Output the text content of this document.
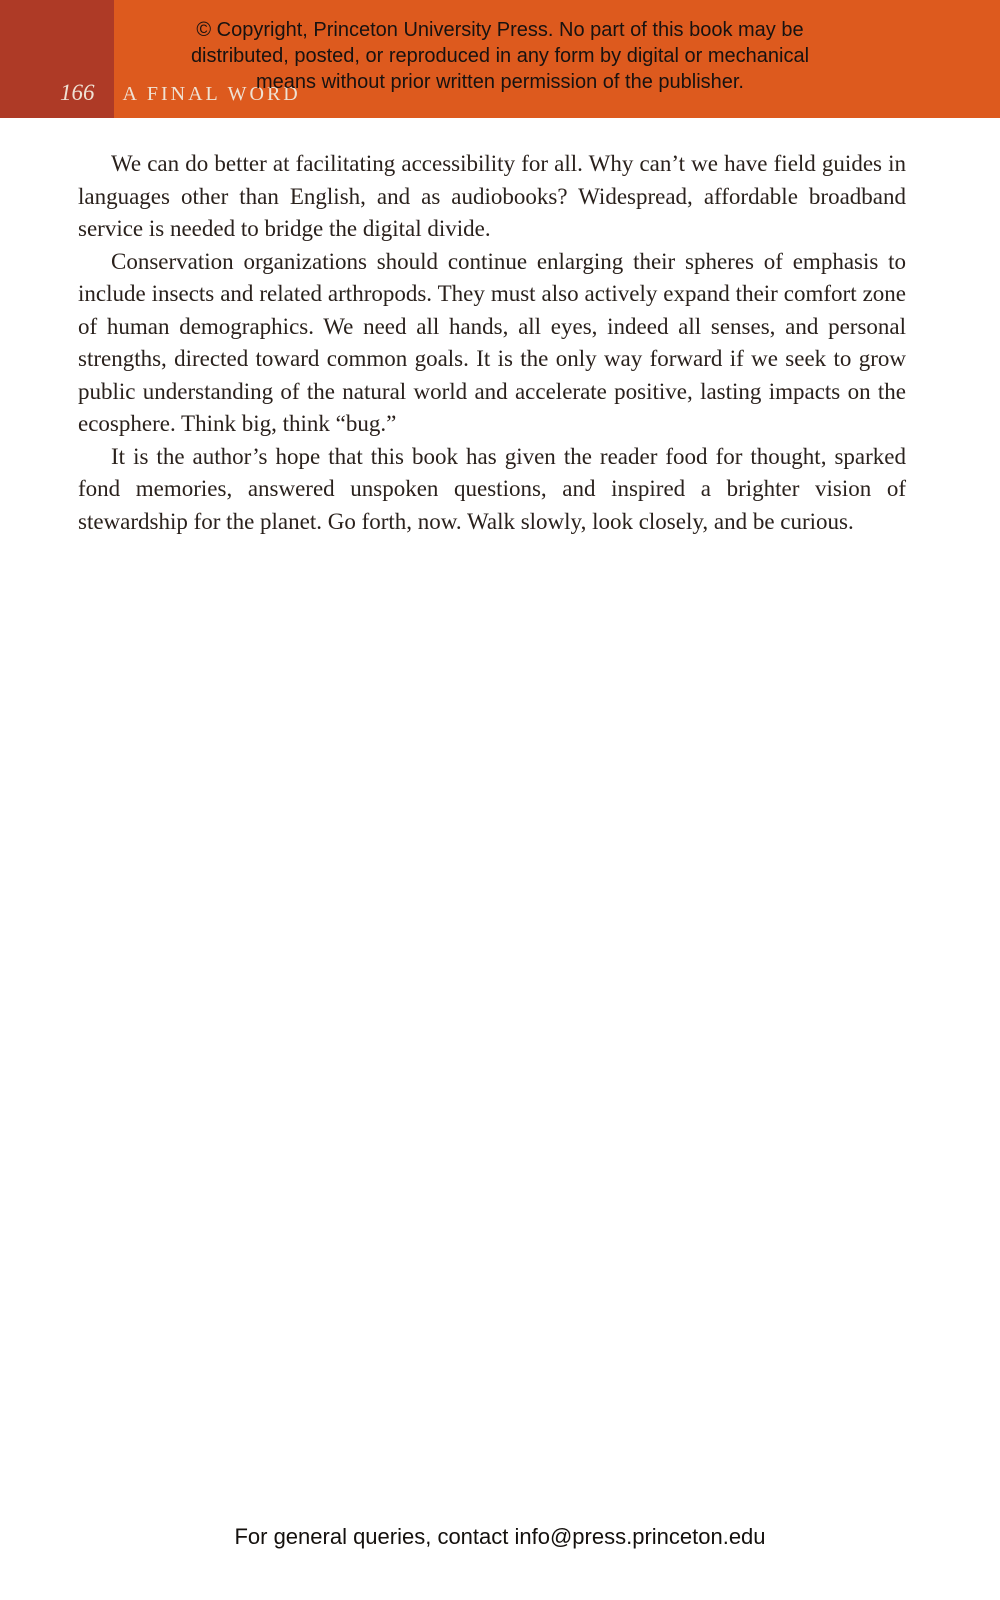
166 A FINAL WORD
© Copyright, Princeton University Press. No part of this book may be
distributed, posted, or reproduced in any form by digital or mechanical
means without prior written permission of the publisher.

We can do better at facilitating accessibility for all. Why can’t we have field guides in languages other than English, and as audiobooks? Widespread, affordable broadband service is needed to bridge the digital divide.

Conservation organizations should continue enlarging their spheres of emphasis to include insects and related arthropods. They must also actively expand their comfort zone of human demographics. We need all hands, all eyes, indeed all senses, and personal strengths, directed toward common goals. It is the only way forward if we seek to grow public understanding of the natural world and accelerate positive, lasting impacts on the ecosphere. Think big, think “bug.”

It is the author’s hope that this book has given the reader food for thought, sparked fond memories, answered unspoken questions, and inspired a brighter vision of stewardship for the planet. Go forth, now. Walk slowly, look closely, and be curious.

For general queries, contact info@press.princeton.edu
